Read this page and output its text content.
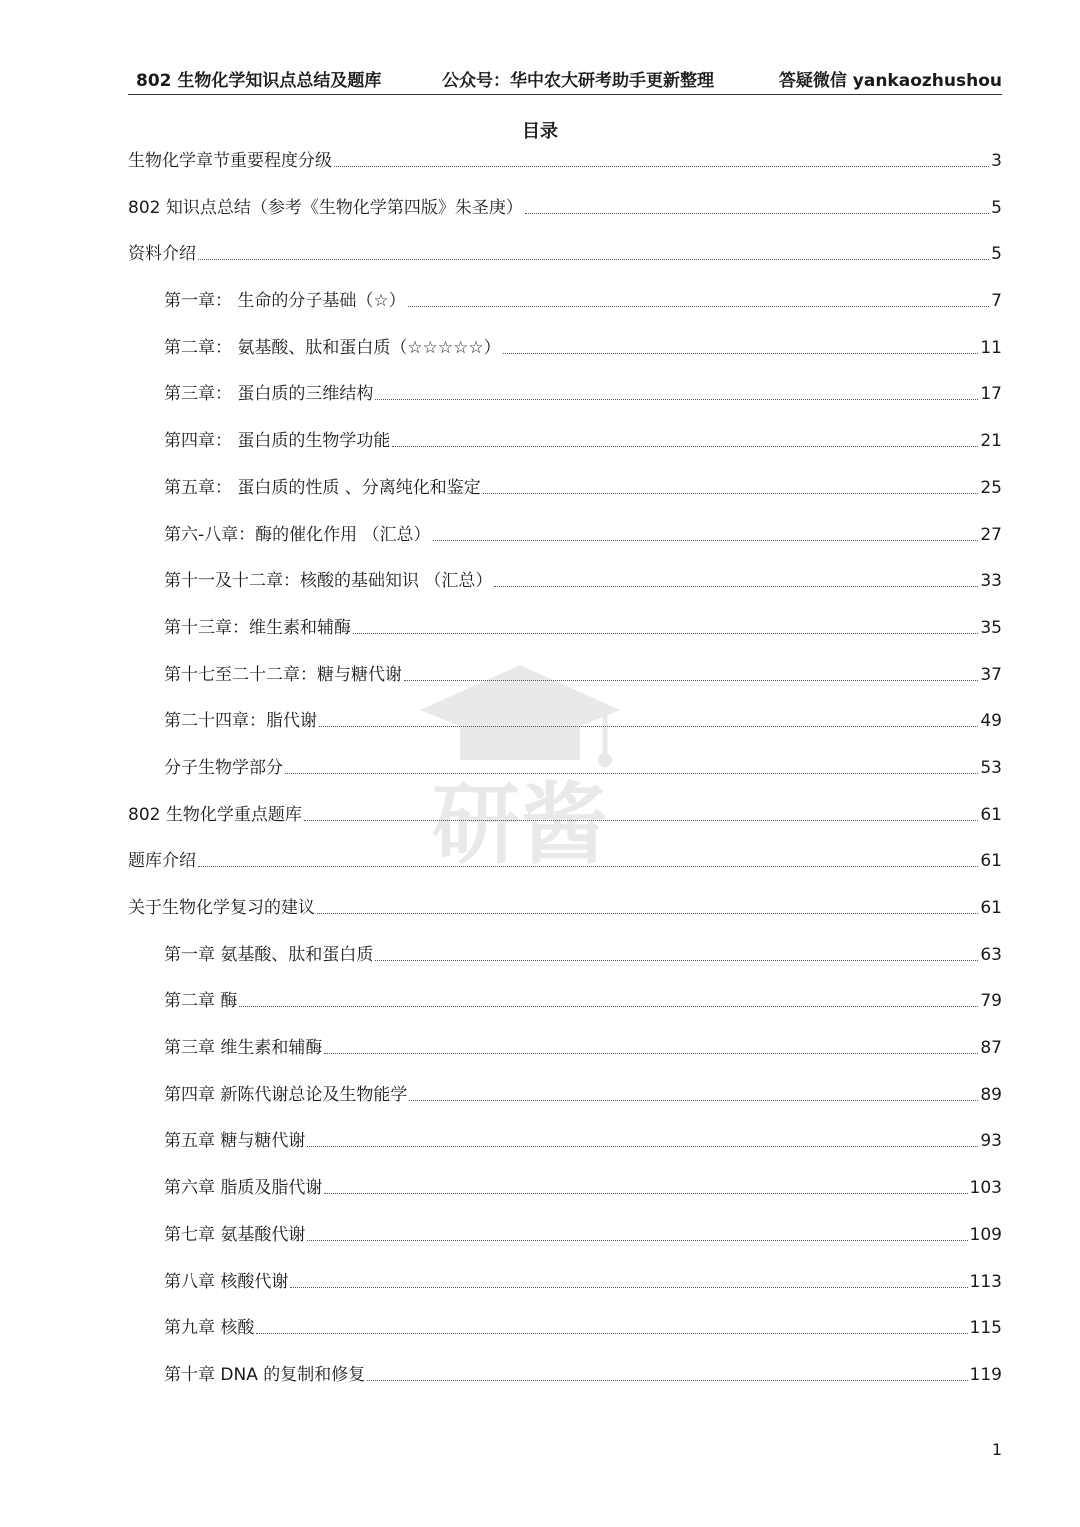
802 生物化学知识点总结及题库	公众号：华中农大研考助手更新整理	答疑微信 yankaozhushou
目录
生物化学章节重要程度分级	3
802 知识点总结（参考《生物化学第四版》朱圣庚）	5
资料介绍	5
第一章： 生命的分子基础（☆）	7
第二章： 氨基酸、肽和蛋白质（☆☆☆☆☆）	11
第三章： 蛋白质的三维结构	17
第四章： 蛋白质的生物学功能	21
第五章： 蛋白质的性质 、分离纯化和鉴定	25
第六-八章：酶的催化作用 （汇总）	27
第十一及十二章：核酸的基础知识 （汇总）	33
第十三章：维生素和辅酶	35
第十七至二十二章：糖与糖代谢	37
第二十四章：脂代谢	49
分子生物学部分	53
802 生物化学重点题库	61
题库介绍	61
关于生物化学复习的建议	61
第一章 氨基酸、肽和蛋白质	63
第二章 酶	79
第三章 维生素和辅酶	87
第四章 新陈代谢总论及生物能学	89
第五章 糖与糖代谢	93
第六章 脂质及脂代谢	103
第七章 氨基酸代谢	109
第八章 核酸代谢	113
第九章 核酸	115
第十章 DNA 的复制和修复	119
研酱
1
